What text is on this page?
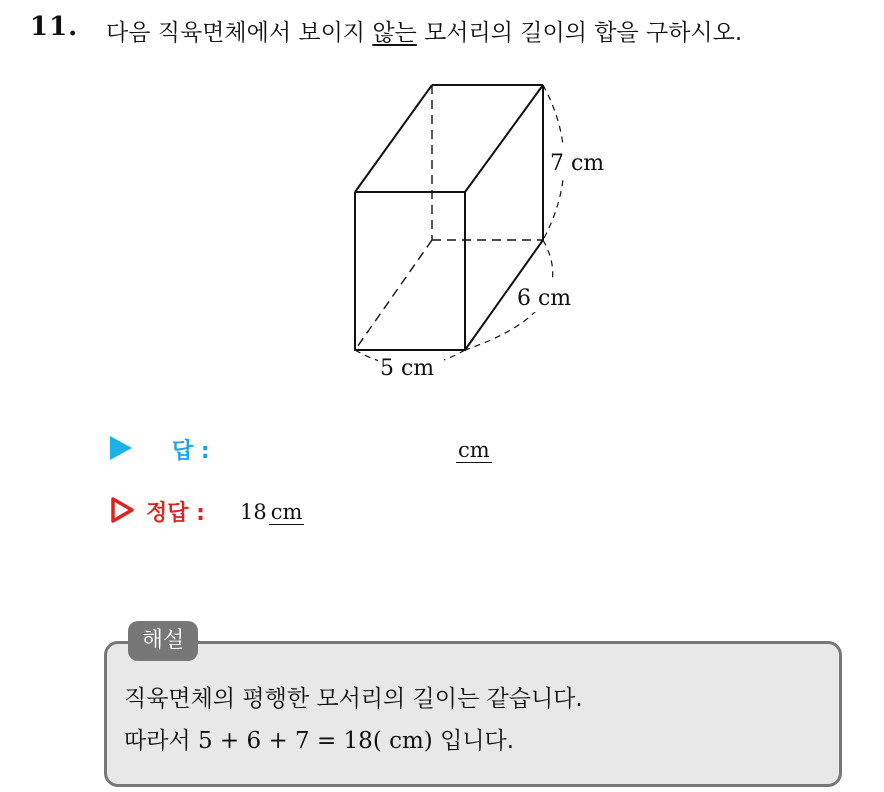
11. 다음 직육면체에서 보이지 않는 모서리의 길이의 합을 구하시오.
7 cm
6 cm
5 cm
답 :	cm
정답 : 18 cm
해설
직육면체의 평행한 모서리의 길이는 같습니다.
따라서 5 + 6 + 7 = 18( cm) 입니다.
